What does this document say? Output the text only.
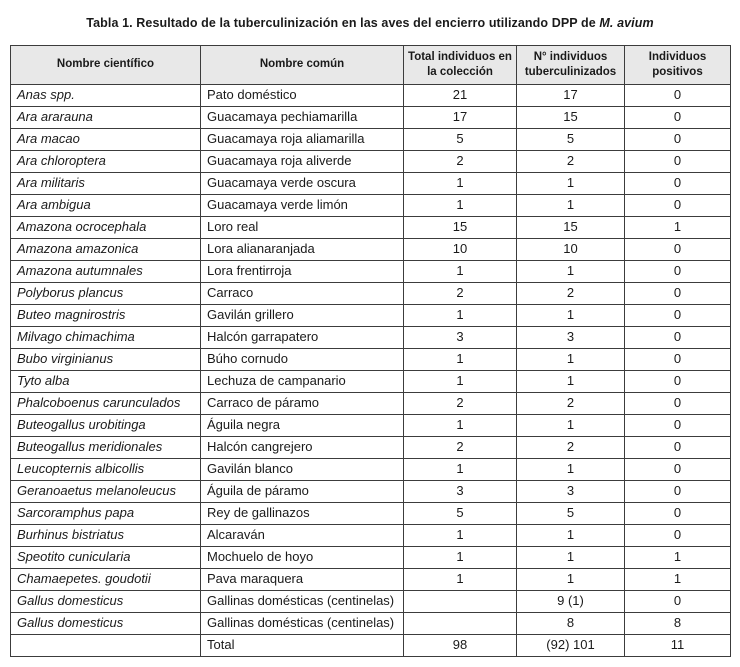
Tabla 1. Resultado de la tuberculinización en las aves del encierro utilizando DPP de M. avium
Nombre científico	Nombre común	Total individuos en la colección	N° individuos tuberculinizados	Individuos positivos
Anas spp.	Pato doméstico	21	17	0
Ara ararauna	Guacamaya pechiamarilla	17	15	0
Ara macao	Guacamaya roja aliamarilla	5	5	0
Ara chloroptera	Guacamaya roja aliverde	2	2	0
Ara militaris	Guacamaya verde oscura	1	1	0
Ara ambigua	Guacamaya verde limón	1	1	0
Amazona ocrocephala	Loro real	15	15	1
Amazona amazonica	Lora alianaranjada	10	10	0
Amazona autumnales	Lora frentirroja	1	1	0
Polyborus plancus	Carraco	2	2	0
Buteo magnirostris	Gavilán grillero	1	1	0
Milvago chimachima	Halcón garrapatero	3	3	0
Bubo virginianus	Búho cornudo	1	1	0
Tyto alba	Lechuza de campanario	1	1	0
Phalcoboenus carunculados	Carraco de páramo	2	2	0
Buteogallus urobitinga	Águila negra	1	1	0
Buteogallus meridionales	Halcón cangrejero	2	2	0
Leucopternis albicollis	Gavilán blanco	1	1	0
Geranoaetus melanoleucus	Águila de páramo	3	3	0
Sarcoramphus papa	Rey de gallinazos	5	5	0
Burhinus bistriatus	Alcaraván	1	1	0
Speotito cunicularia	Mochuelo de hoyo	1	1	1
Chamaepetes. goudotii	Pava maraquera	1	1	1
Gallus domesticus	Gallinas domésticas (centinelas)		9 (1)	0
Gallus domesticus	Gallinas domésticas (centinelas)		8	8
	Total	98	(92) 101	11
